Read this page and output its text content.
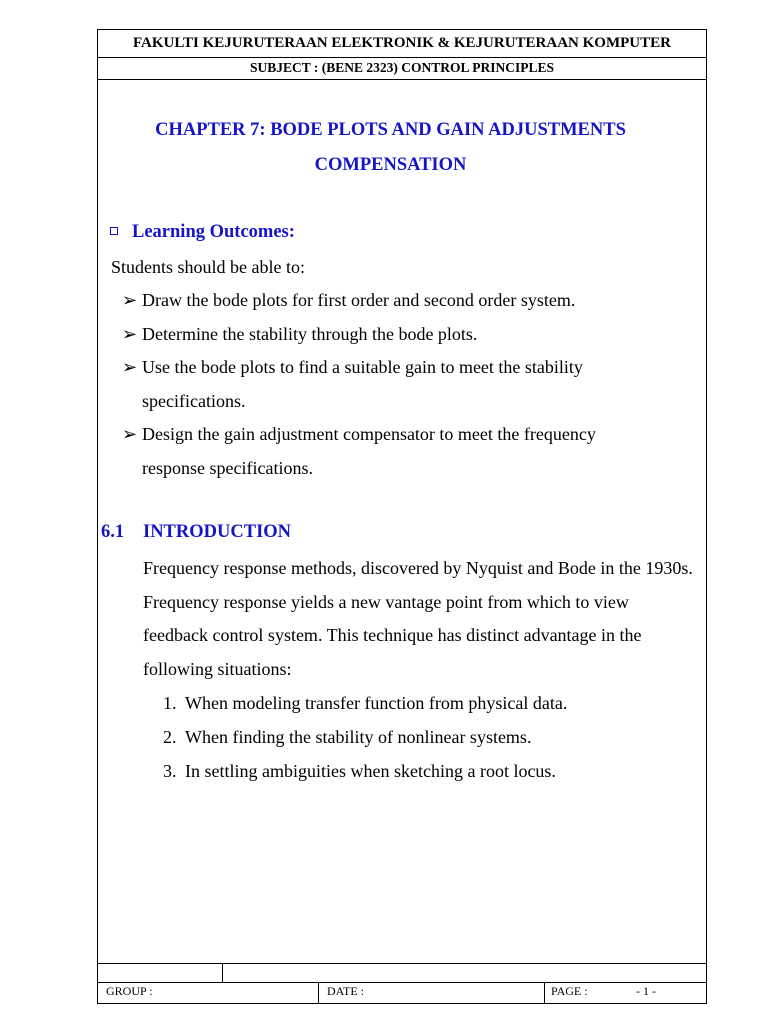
FAKULTI KEJURUTERAAN ELEKTRONIK & KEJURUTERAAN KOMPUTER
SUBJECT : (BENE 2323) CONTROL PRINCIPLES
CHAPTER 7: BODE PLOTS AND GAIN ADJUSTMENTS
COMPENSATION
Learning Outcomes:
Students should be able to:
➢ Draw the bode plots for first order and second order system.
➢ Determine the stability through the bode plots.
➢ Use the bode plots to find a suitable gain to meet the stability
specifications.
➢ Design the gain adjustment compensator to meet the frequency
response specifications.
6.1 INTRODUCTION
Frequency response methods, discovered by Nyquist and Bode in the 1930s. Frequency response yields a new vantage point from which to view feedback control system. This technique has distinct advantage in the following situations:
1. When modeling transfer function from physical data.
2. When finding the stability of nonlinear systems.
3. In settling ambiguities when sketching a root locus.
GROUP :	DATE :	PAGE :	- 1 -
